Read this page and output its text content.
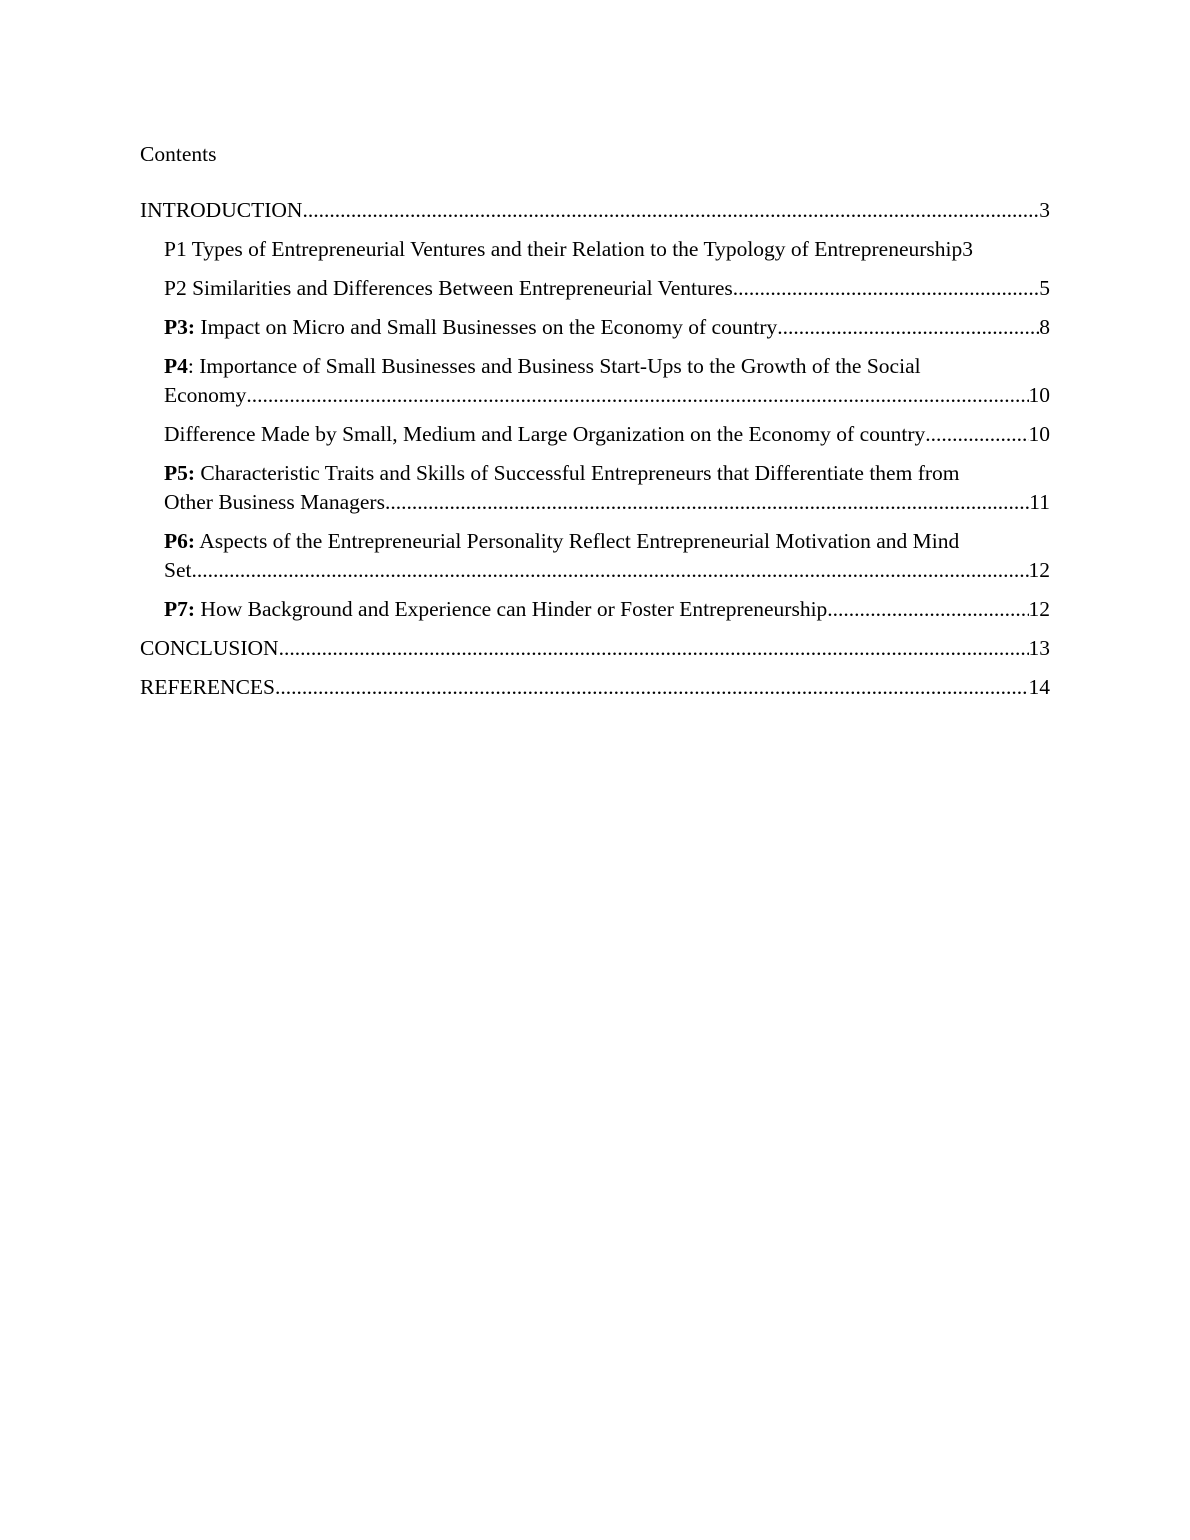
Contents
INTRODUCTION .....	3
P1 Types of Entrepreneurial Ventures and their Relation to the Typology of Entrepreneurship 3
P2 Similarities and Differences Between Entrepreneurial Ventures .....	5
P3: Impact on Micro and Small Businesses on the Economy of country .....	8
P4: Importance of Small Businesses and Business Start-Ups to the Growth of the Social
Economy .....	10
Difference Made by Small, Medium and Large Organization on the Economy of country .....	10
P5: Characteristic Traits and Skills of Successful Entrepreneurs that Differentiate them from
Other Business Managers .....	11
P6: Aspects of the Entrepreneurial Personality Reflect Entrepreneurial Motivation and Mind
Set .....	12
P7: How Background and Experience can Hinder or Foster Entrepreneurship .....	12
CONCLUSION .....	13
REFERENCES .....	14
